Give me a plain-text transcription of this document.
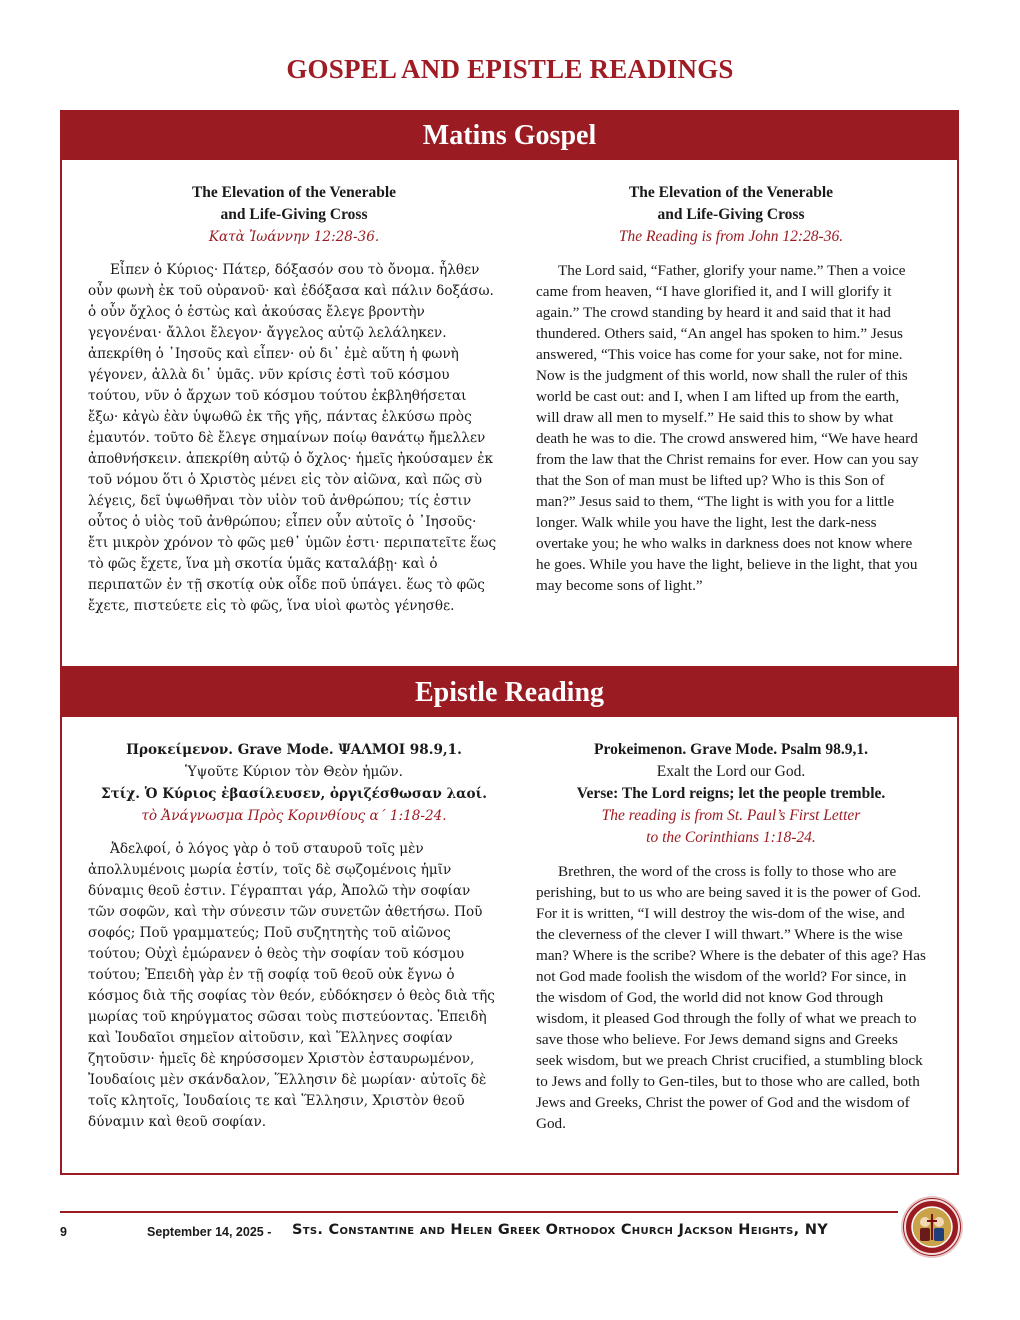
GOSPEL AND EPISTLE READINGS
Matins Gospel
The Elevation of the Venerable
and Life-Giving Cross
Κατὰ Ἰωάννην 12:28-36.
Εἶπεν ὁ Κύριος· Πάτερ, δόξασόν σου τὸ ὄνομα. ἦλθεν οὖν φωνὴ ἐκ τοῦ οὐρανοῦ· καὶ ἐδόξασα καὶ πάλιν δοξάσω. ὁ οὖν ὄχλος ὁ ἑστὼς καὶ ἀκούσας ἔλεγε βροντὴν γεγονέναι· ἄλλοι ἔλεγον· ἄγγελος αὐτῷ λελάληκεν. ἀπεκρίθη ὁ ᾿Ιησοῦς καὶ εἶπεν· οὐ δι᾿ ἐμὲ αὕτη ἡ φωνὴ γέγονεν, ἀλλὰ δι᾿ ὑμᾶς. νῦν κρίσις ἐστὶ τοῦ κόσμου τούτου, νῦν ὁ ἄρχων τοῦ κόσμου τούτου ἐκβληθήσεται ἔξω· κἀγὼ ἐὰν ὑψωθῶ ἐκ τῆς γῆς, πάντας ἑλκύσω πρὸς ἐμαυτόν. τοῦτο δὲ ἔλεγε σημαίνων ποίῳ θανάτῳ ἤμελλεν ἀποθνήσκειν. ἀπεκρίθη αὐτῷ ὁ ὄχλος· ἡμεῖς ἠκούσαμεν ἐκ τοῦ νόμου ὅτι ὁ Χριστὸς μένει εἰς τὸν αἰῶνα, καὶ πῶς σὺ λέγεις, δεῖ ὑψωθῆναι τὸν υἱὸν τοῦ ἀνθρώπου; τίς ἐστιν οὗτος ὁ υἱὸς τοῦ ἀνθρώπου; εἶπεν οὖν αὐτοῖς ὁ ᾿Ιησοῦς· ἔτι μικρὸν χρόνον τὸ φῶς μεθ᾿ ὑμῶν ἐστι· περιπατεῖτε ἕως τὸ φῶς ἔχετε, ἵνα μὴ σκοτία ὑμᾶς καταλάβῃ· καὶ ὁ περιπατῶν ἐν τῇ σκοτίᾳ οὐκ οἶδε ποῦ ὑπάγει. ἕως τὸ φῶς ἔχετε, πιστεύετε εἰς τὸ φῶς, ἵνα υἱοὶ φωτὸς γένησθε.
The Elevation of the Venerable
and Life-Giving Cross
The Reading is from John 12:28-36.
The Lord said, “Father, glorify your name.” Then a voice came from heaven, “I have glorified it, and I will glorify it again.” The crowd standing by heard it and said that it had thundered. Others said, “An angel has spoken to him.” Jesus answered, “This voice has come for your sake, not for mine. Now is the judgment of this world, now shall the ruler of this world be cast out: and I, when I am lifted up from the earth, will draw all men to myself.” He said this to show by what death he was to die. The crowd answered him, “We have heard from the law that the Christ remains for ever. How can you say that the Son of man must be lifted up? Who is this Son of man?” Jesus said to them, “The light is with you for a little longer. Walk while you have the light, lest the dark-ness overtake you; he who walks in darkness does not know where he goes. While you have the light, believe in the light, that you may become sons of light.”
Epistle Reading
Προκείμενον. Grave Mode. ΨΑΛΜΟΙ 98.9,1.
Ὑψοῦτε Κύριον τὸν Θεὸν ἡμῶν.
Στίχ. Ὁ Κύριος ἐβασίλευσεν, ὀργιζέσθωσαν λαοί.
τὸ Ἀνάγνωσμα Πρὸς Κορινθίους α΄ 1:18-24.
Ἀδελφοί, ὁ λόγος γὰρ ὁ τοῦ σταυροῦ τοῖς μὲν ἀπολλυμένοις μωρία ἐστίν, τοῖς δὲ σῳζομένοις ἡμῖν δύναμις θεοῦ ἐστιν. Γέγραπται γάρ, Ἀπολῶ τὴν σοφίαν τῶν σοφῶν, καὶ τὴν σύνεσιν τῶν συνετῶν ἀθετήσω. Ποῦ σοφός; Ποῦ γραμματεύς; Ποῦ συζητητὴς τοῦ αἰῶνος τούτου; Οὐχὶ ἐμώρανεν ὁ θεὸς τὴν σοφίαν τοῦ κόσμου τούτου; Ἐπειδὴ γὰρ ἐν τῇ σοφίᾳ τοῦ θεοῦ οὐκ ἔγνω ὁ κόσμος διὰ τῆς σοφίας τὸν θεόν, εὐδόκησεν ὁ θεὸς διὰ τῆς μωρίας τοῦ κηρύγματος σῶσαι τοὺς πιστεύοντας. Ἐπειδὴ καὶ Ἰουδαῖοι σημεῖον αἰτοῦσιν, καὶ Ἕλληνες σοφίαν ζητοῦσιν· ἡμεῖς δὲ κηρύσσομεν Χριστὸν ἐσταυρωμένον, Ἰουδαίοις μὲν σκάνδαλον, Ἕλλησιν δὲ μωρίαν· αὐτοῖς δὲ τοῖς κλητοῖς, Ἰουδαίοις τε καὶ Ἕλλησιν, Χριστὸν θεοῦ δύναμιν καὶ θεοῦ σοφίαν.
Prokeimenon. Grave Mode. Psalm 98.9,1.
Exalt the Lord our God.
Verse: The Lord reigns; let the people tremble.
The reading is from St. Paul’s First Letter
to the Corinthians 1:18-24.
Brethren, the word of the cross is folly to those who are perishing, but to us who are being saved it is the power of God. For it is written, “I will destroy the wis-dom of the wise, and the cleverness of the clever I will thwart.” Where is the wise man? Where is the scribe? Where is the debater of this age? Has not God made foolish the wisdom of the world? For since, in the wisdom of God, the world did not know God through wisdom, it pleased God through the folly of what we preach to save those who believe. For Jews demand signs and Greeks seek wisdom, but we preach Christ crucified, a stumbling block to Jews and folly to Gen-tiles, but to those who are called, both Jews and Greeks, Christ the power of God and the wisdom of God.
9	September 14, 2025 - Sts. Constantine and Helen Greek Orthodox Church Jackson Heights, NY
